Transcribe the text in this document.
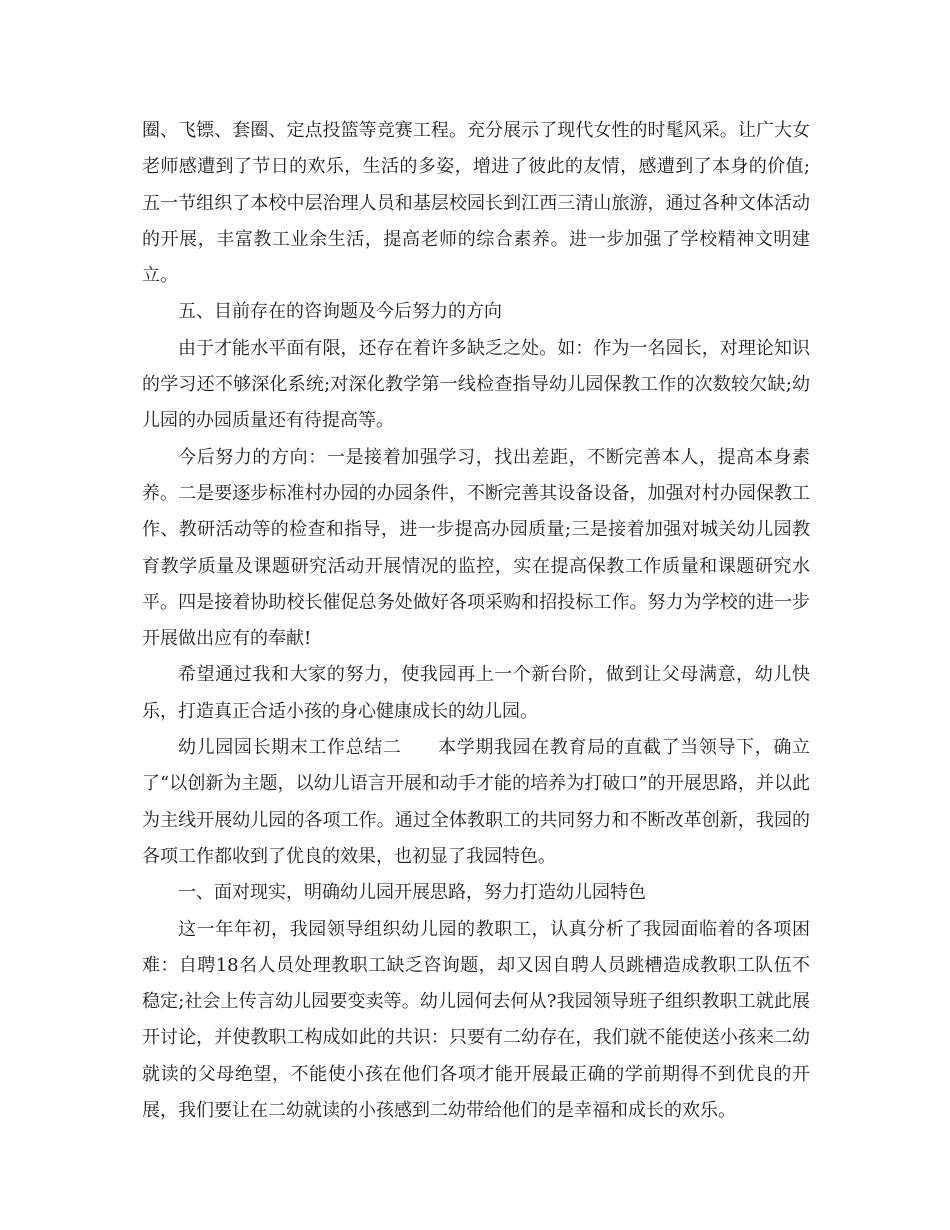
圈、飞镖、套圈、定点投篮等竞赛工程。充分展示了现代女性的时髦风采。让广大女老师感遭到了节日的欢乐，生活的多姿，增进了彼此的友情，感遭到了本身的价值;五一节组织了本校中层治理人员和基层校园长到江西三清山旅游，通过各种文体活动的开展，丰富教工业余生活，提高老师的综合素养。进一步加强了学校精神文明建立。

五、目前存在的咨询题及今后努力的方向

由于才能水平面有限，还存在着许多缺乏之处。如：作为一名园长，对理论知识的学习还不够深化系统;对深化教学第一线检查指导幼儿园保教工作的次数较欠缺;幼儿园的办园质量还有待提高等。

今后努力的方向：一是接着加强学习，找出差距，不断完善本人，提高本身素养。二是要逐步标准村办园的办园条件，不断完善其设备设备，加强对村办园保教工作、教研活动等的检查和指导，进一步提高办园质量;三是接着加强对城关幼儿园教育教学质量及课题研究活动开展情况的监控，实在提高保教工作质量和课题研究水平。四是接着协助校长催促总务处做好各项采购和招投标工作。努力为学校的进一步开展做出应有的奉献!

希望通过我和大家的努力，使我园再上一个新台阶，做到让父母满意，幼儿快乐，打造真正合适小孩的身心健康成长的幼儿园。

幼儿园园长期末工作总结二 本学期我园在教育局的直截了当领导下，确立了“以创新为主题，以幼儿语言开展和动手才能的培养为打破口”的开展思路，并以此为主线开展幼儿园的各项工作。通过全体教职工的共同努力和不断改革创新，我园的各项工作都收到了优良的效果，也初显了我园特色。

一、面对现实，明确幼儿园开展思路，努力打造幼儿园特色

这一年年初，我园领导组织幼儿园的教职工，认真分析了我园面临着的各项困难：自聘18名人员处理教职工缺乏咨询题，却又因自聘人员跳槽造成教职工队伍不稳定;社会上传言幼儿园要变卖等。幼儿园何去何从?我园领导班子组织教职工就此展开讨论，并使教职工构成如此的共识：只要有二幼存在，我们就不能使送小孩来二幼就读的父母绝望，不能使小孩在他们各项才能开展最正确的学前期得不到优良的开展，我们要让在二幼就读的小孩感到二幼带给他们的是幸福和成长的欢乐。
